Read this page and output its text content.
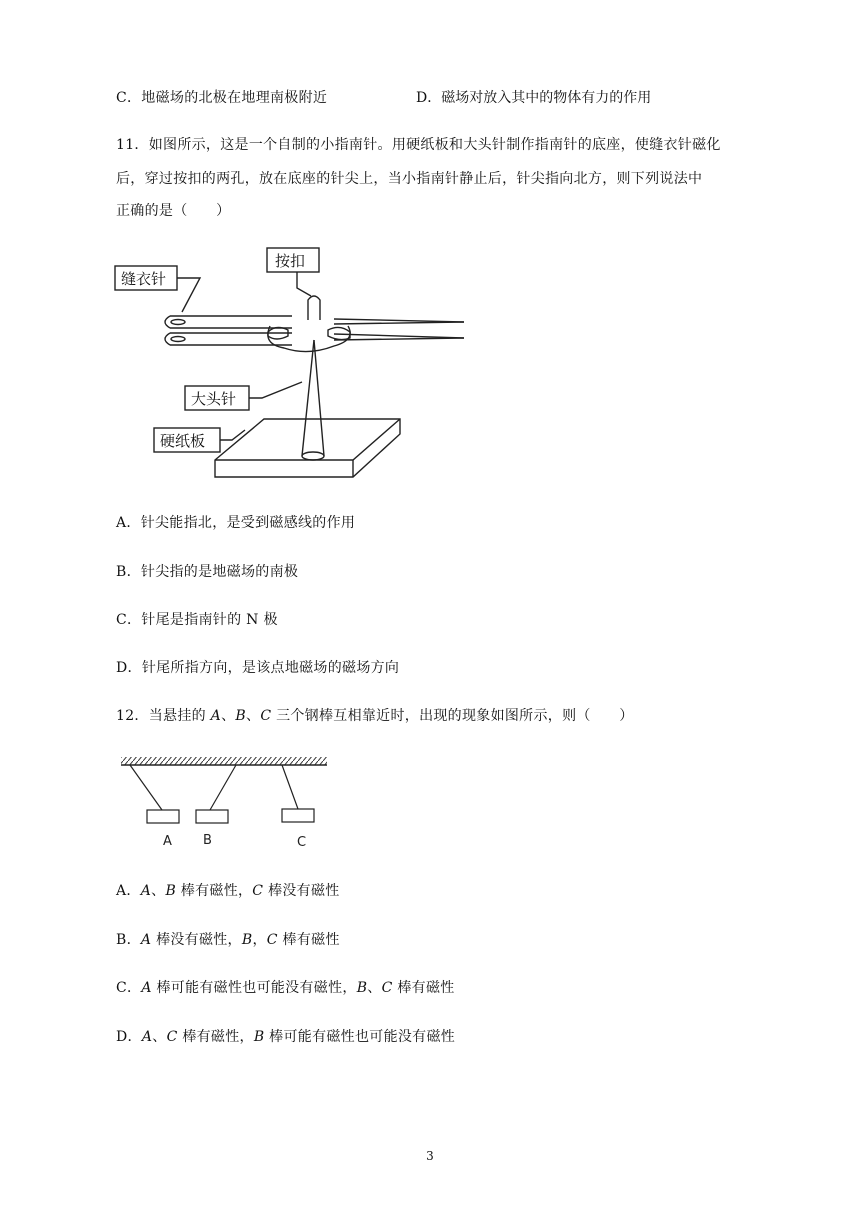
C．地磁场的北极在地理南极附近	D．磁场对放入其中的物体有力的作用
11．如图所示，这是一个自制的小指南针。用硬纸板和大头针制作指南针的底座，使缝衣针磁化
后，穿过按扣的两孔，放在底座的针尖上，当小指南针静止后，针尖指向北方，则下列说法中
正确的是（　　）
缝衣针
按扣
大头针
硬纸板
A．针尖能指北，是受到磁感线的作用
B．针尖指的是地磁场的南极
C．针尾是指南针的 N 极
D．针尾所指方向，是该点地磁场的磁场方向
12．当悬挂的 A、B、C 三个钢棒互相靠近时，出现的现象如图所示，则（　　）
A B	C
A．A、B 棒有磁性，C 棒没有磁性
B．A 棒没有磁性，B，C 棒有磁性
C．A 棒可能有磁性也可能没有磁性，B、C 棒有磁性
D．A、C 棒有磁性，B 棒可能有磁性也可能没有磁性
3
